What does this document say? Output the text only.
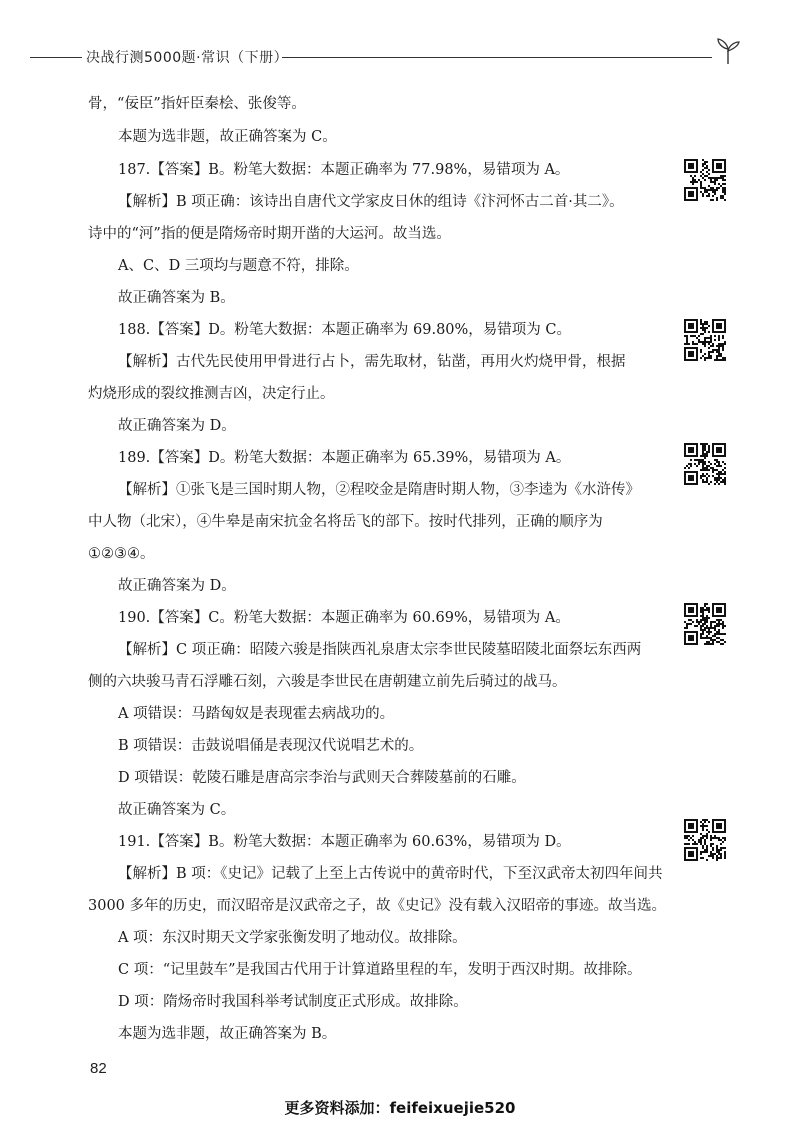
决战行测5000题·常识（下册）
骨，“佞臣”指奸臣秦桧、张俊等。
本题为选非题，故正确答案为 C。
187.【答案】B。粉笔大数据：本题正确率为 77.98%，易错项为 A。
【解析】B 项正确：该诗出自唐代文学家皮日休的组诗《汴河怀古二首·其二》。
诗中的“河”指的便是隋炀帝时期开凿的大运河。故当选。
A、C、D 三项均与题意不符，排除。
故正确答案为 B。
188.【答案】D。粉笔大数据：本题正确率为 69.80%，易错项为 C。
【解析】古代先民使用甲骨进行占卜，需先取材，钻凿，再用火灼烧甲骨，根据
灼烧形成的裂纹推测吉凶，决定行止。
故正确答案为 D。
189.【答案】D。粉笔大数据：本题正确率为 65.39%，易错项为 A。
【解析】①张飞是三国时期人物，②程咬金是隋唐时期人物，③李逵为《水浒传》
中人物（北宋），④牛皋是南宋抗金名将岳飞的部下。按时代排列，正确的顺序为
①②③④。
故正确答案为 D。
190.【答案】C。粉笔大数据：本题正确率为 60.69%，易错项为 A。
【解析】C 项正确：昭陵六骏是指陕西礼泉唐太宗李世民陵墓昭陵北面祭坛东西两
侧的六块骏马青石浮雕石刻，六骏是李世民在唐朝建立前先后骑过的战马。
A 项错误：马踏匈奴是表现霍去病战功的。
B 项错误：击鼓说唱俑是表现汉代说唱艺术的。
D 项错误：乾陵石雕是唐高宗李治与武则天合葬陵墓前的石雕。
故正确答案为 C。
191.【答案】B。粉笔大数据：本题正确率为 60.63%，易错项为 D。
【解析】B 项：《史记》记载了上至上古传说中的黄帝时代，下至汉武帝太初四年间共
3000 多年的历史，而汉昭帝是汉武帝之子，故《史记》没有载入汉昭帝的事迹。故当选。
A 项：东汉时期天文学家张衡发明了地动仪。故排除。
C 项：“记里鼓车”是我国古代用于计算道路里程的车，发明于西汉时期。故排除。
D 项：隋炀帝时我国科举考试制度正式形成。故排除。
本题为选非题，故正确答案为 B。
82
更多资料添加：feifeixuejie520
